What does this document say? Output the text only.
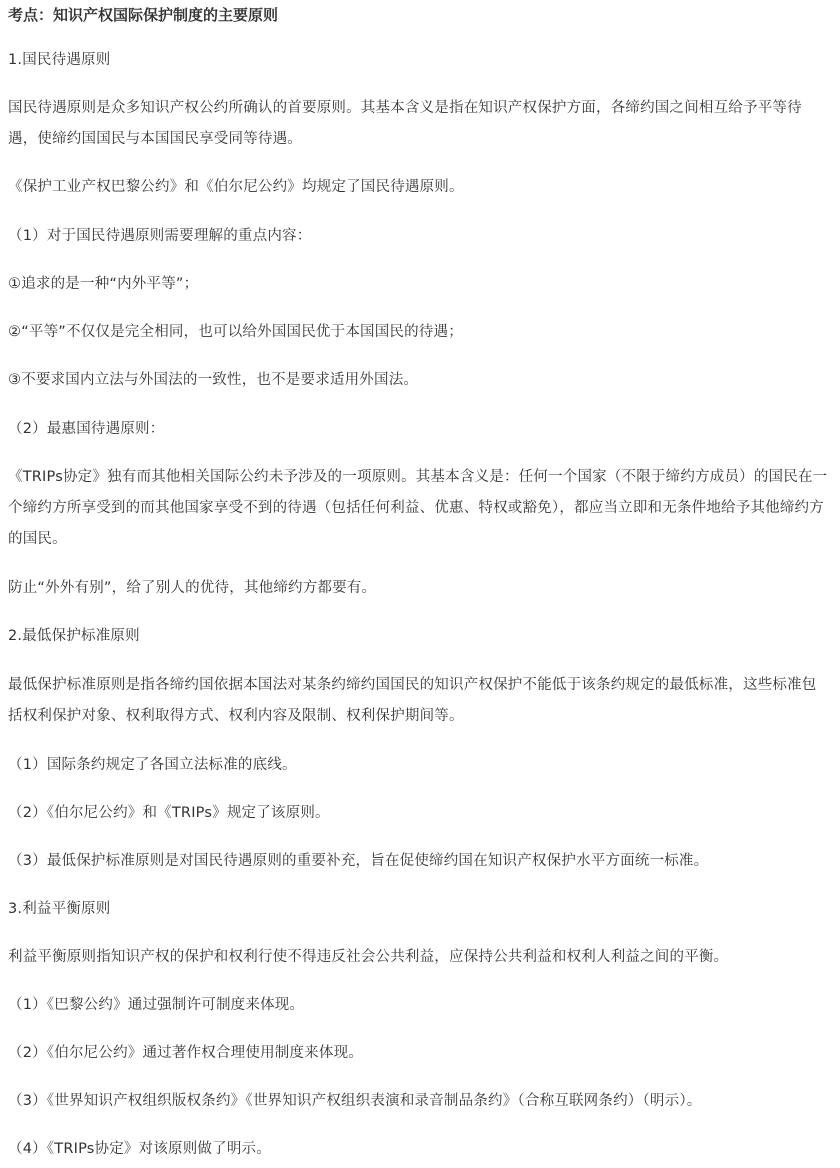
考点：知识产权国际保护制度的主要原则
1.国民待遇原则
国民待遇原则是众多知识产权公约所确认的首要原则。其基本含义是指在知识产权保护方面，各缔约国之间相互给予平等待遇，使缔约国国民与本国国民享受同等待遇。
《保护工业产权巴黎公约》和《伯尔尼公约》均规定了国民待遇原则。
（1）对于国民待遇原则需要理解的重点内容：
①追求的是一种“内外平等”；
②“平等”不仅仅是完全相同，也可以给外国国民优于本国国民的待遇；
③不要求国内立法与外国法的一致性，也不是要求适用外国法。
（2）最惠国待遇原则：
《TRIPs协定》独有而其他相关国际公约未予涉及的一项原则。其基本含义是：任何一个国家（不限于缔约方成员）的国民在一个缔约方所享受到的而其他国家享受不到的待遇（包括任何利益、优惠、特权或豁免），都应当立即和无条件地给予其他缔约方的国民。
防止“外外有别”，给了别人的优待，其他缔约方都要有。
2.最低保护标准原则
最低保护标准原则是指各缔约国依据本国法对某条约缔约国国民的知识产权保护不能低于该条约规定的最低标准，这些标准包括权利保护对象、权利取得方式、权利内容及限制、权利保护期间等。
（1）国际条约规定了各国立法标准的底线。
（2）《伯尔尼公约》和《TRIPs》规定了该原则。
（3）最低保护标准原则是对国民待遇原则的重要补充，旨在促使缔约国在知识产权保护水平方面统一标准。
3.利益平衡原则
利益平衡原则指知识产权的保护和权利行使不得违反社会公共利益，应保持公共利益和权利人利益之间的平衡。
（1）《巴黎公约》通过强制许可制度来体现。
（2）《伯尔尼公约》通过著作权合理使用制度来体现。
（3）《世界知识产权组织版权条约》《世界知识产权组织表演和录音制品条约》（合称互联网条约）（明示）。
（4）《TRIPs协定》对该原则做了明示。
